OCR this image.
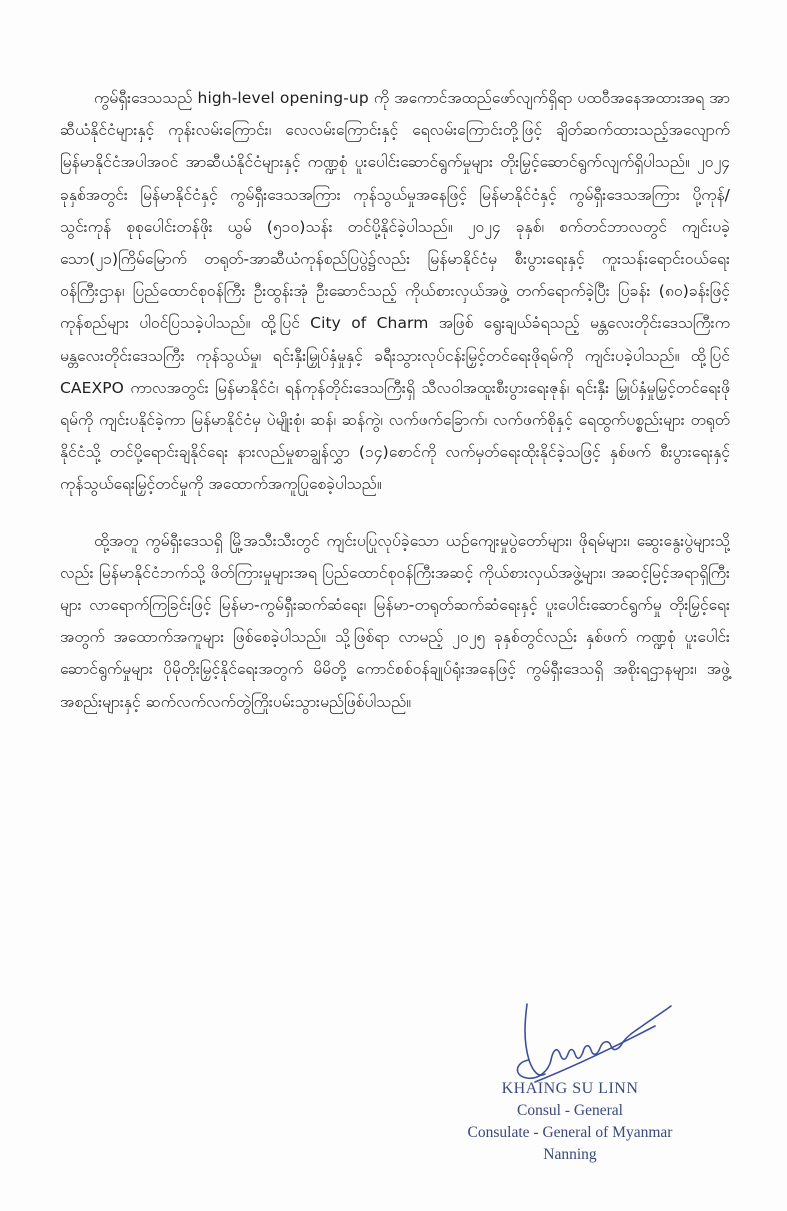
ကွမ်ရှီးဒေသသည် high-level opening-up ကို အကောင်အထည်ဖော်လျက်ရှိရာ ပထဝီအနေအထားအရ အာဆီယံနိုင်ငံများနှင့် ကုန်းလမ်းကြောင်း၊ လေလမ်းကြောင်းနှင့် ရေလမ်းကြောင်းတို့ဖြင့် ချိတ်ဆက်ထားသည့်အလျောက် မြန်မာနိုင်ငံအပါအဝင် အာဆီယံနိုင်ငံများနှင့် ကဏ္ဍစုံ ပူးပေါင်းဆောင်ရွက်မှုများ တိုးမြှင့်ဆောင်ရွက်လျက်ရှိပါသည်။ ၂၀၂၄ ခုနှစ်အတွင်း မြန်မာနိုင်ငံနှင့် ကွမ်ရှီးဒေသအကြား ကုန်သွယ်မှုအနေဖြင့် မြန်မာနိုင်ငံနှင့် ကွမ်ရှီးဒေသအကြား ပို့ကုန်/ သွင်းကုန် စုစုပေါင်းတန်ဖိုး ယွမ် (၅၁၀)သန်း တင်ပို့နိုင်ခဲ့ပါသည်။ ၂၀၂၄ ခုနှစ်၊ စက်တင်ဘာလတွင် ကျင်းပခဲ့သော(၂၁)ကြိမ်မြောက် တရုတ်-အာဆီယံကုန်စည်ပြပွဲ၌လည်း မြန်မာနိုင်ငံမှ စီးပွားရေးနှင့် ကူးသန်းရောင်းဝယ်ရေးဝန်ကြီးဌာန၊ ပြည်ထောင်စုဝန်ကြီး ဦးထွန်းအုံ ဦးဆောင်သည့် ကိုယ်စားလှယ်အဖွဲ့ တက်ရောက်ခဲ့ပြီး ပြခန်း (၈၀)ခန်းဖြင့် ကုန်စည်များ ပါဝင်ပြသခဲ့ပါသည်။ ထို့ပြင် City of Charm အဖြစ် ရွေးချယ်ခံရသည့် မန္တလေးတိုင်းဒေသကြီးက မန္တလေးတိုင်းဒေသကြီး ကုန်သွယ်မှု၊ ရင်းနှီးမြှုပ်နှံမှုနှင့် ခရီးသွားလုပ်ငန်းမြှင့်တင်ရေးဖိုရမ်ကို ကျင်းပခဲ့ပါသည်။ ထို့ပြင် CAEXPO ကာလအတွင်း မြန်မာနိုင်ငံ၊ ရန်ကုန်တိုင်းဒေသကြီးရှိ သီလဝါအထူးစီးပွားရေးဇုန်၊ ရင်းနှီး မြှုပ်နှံမှုမြှင့်တင်ရေးဖိုရမ်ကို ကျင်းပနိုင်ခဲ့ကာ မြန်မာနိုင်ငံမှ ပဲမျိုးစုံ၊ ဆန်၊ ဆန်ကွဲ၊ လက်ဖက်ခြောက်၊ လက်ဖက်စိုနှင့် ရေထွက်ပစ္စည်းများ တရုတ်နိုင်ငံသို့ တင်ပို့ရောင်းချနိုင်ရေး နားလည်မှုစာချွန်လွှာ (၁၄)စောင်ကို လက်မှတ်ရေးထိုးနိုင်ခဲ့သဖြင့် နှစ်ဖက် စီးပွားရေးနှင့် ကုန်သွယ်ရေးမြှင့်တင်မှုကို အထောက်အကူပြုစေခဲ့ပါသည်။

ထို့အတူ ကွမ်ရှီးဒေသရှိ မြို့အသီးသီးတွင် ကျင်းပပြုလုပ်ခဲ့သော ယဉ်ကျေးမှုပွဲတော်များ၊ ဖိုရမ်များ၊ ဆွေးနွေးပွဲများသို့လည်း မြန်မာနိုင်ငံဘက်သို့ ဖိတ်ကြားမှုများအရ ပြည်ထောင်စုဝန်ကြီးအဆင့် ကိုယ်စားလှယ်အဖွဲ့များ၊ အဆင့်မြင့်အရာရှိကြီးများ လာရောက်ကြခြင်းဖြင့် မြန်မာ-ကွမ်ရှီးဆက်ဆံရေး၊ မြန်မာ-တရုတ်ဆက်ဆံရေးနှင့် ပူးပေါင်းဆောင်ရွက်မှု တိုးမြှင့်ရေးအတွက် အထောက်အကူများ ဖြစ်စေခဲ့ပါသည်။ သို့ဖြစ်ရာ လာမည့် ၂၀၂၅ ခုနှစ်တွင်လည်း နှစ်ဖက် ကဏ္ဍစုံ ပူးပေါင်းဆောင်ရွက်မှုများ ပိုမိုတိုးမြှင့်နိုင်ရေးအတွက် မိမိတို့ ကောင်စစ်ဝန်ချုပ်ရုံးအနေဖြင့် ကွမ်ရှီးဒေသရှိ အစိုးရဌာနများ၊ အဖွဲ့အစည်းများနှင့် ဆက်လက်လက်တွဲကြိုးပမ်းသွားမည်ဖြစ်ပါသည်။

KHAING SU LINN
Consul - General
Consulate - General of Myanmar
Nanning
